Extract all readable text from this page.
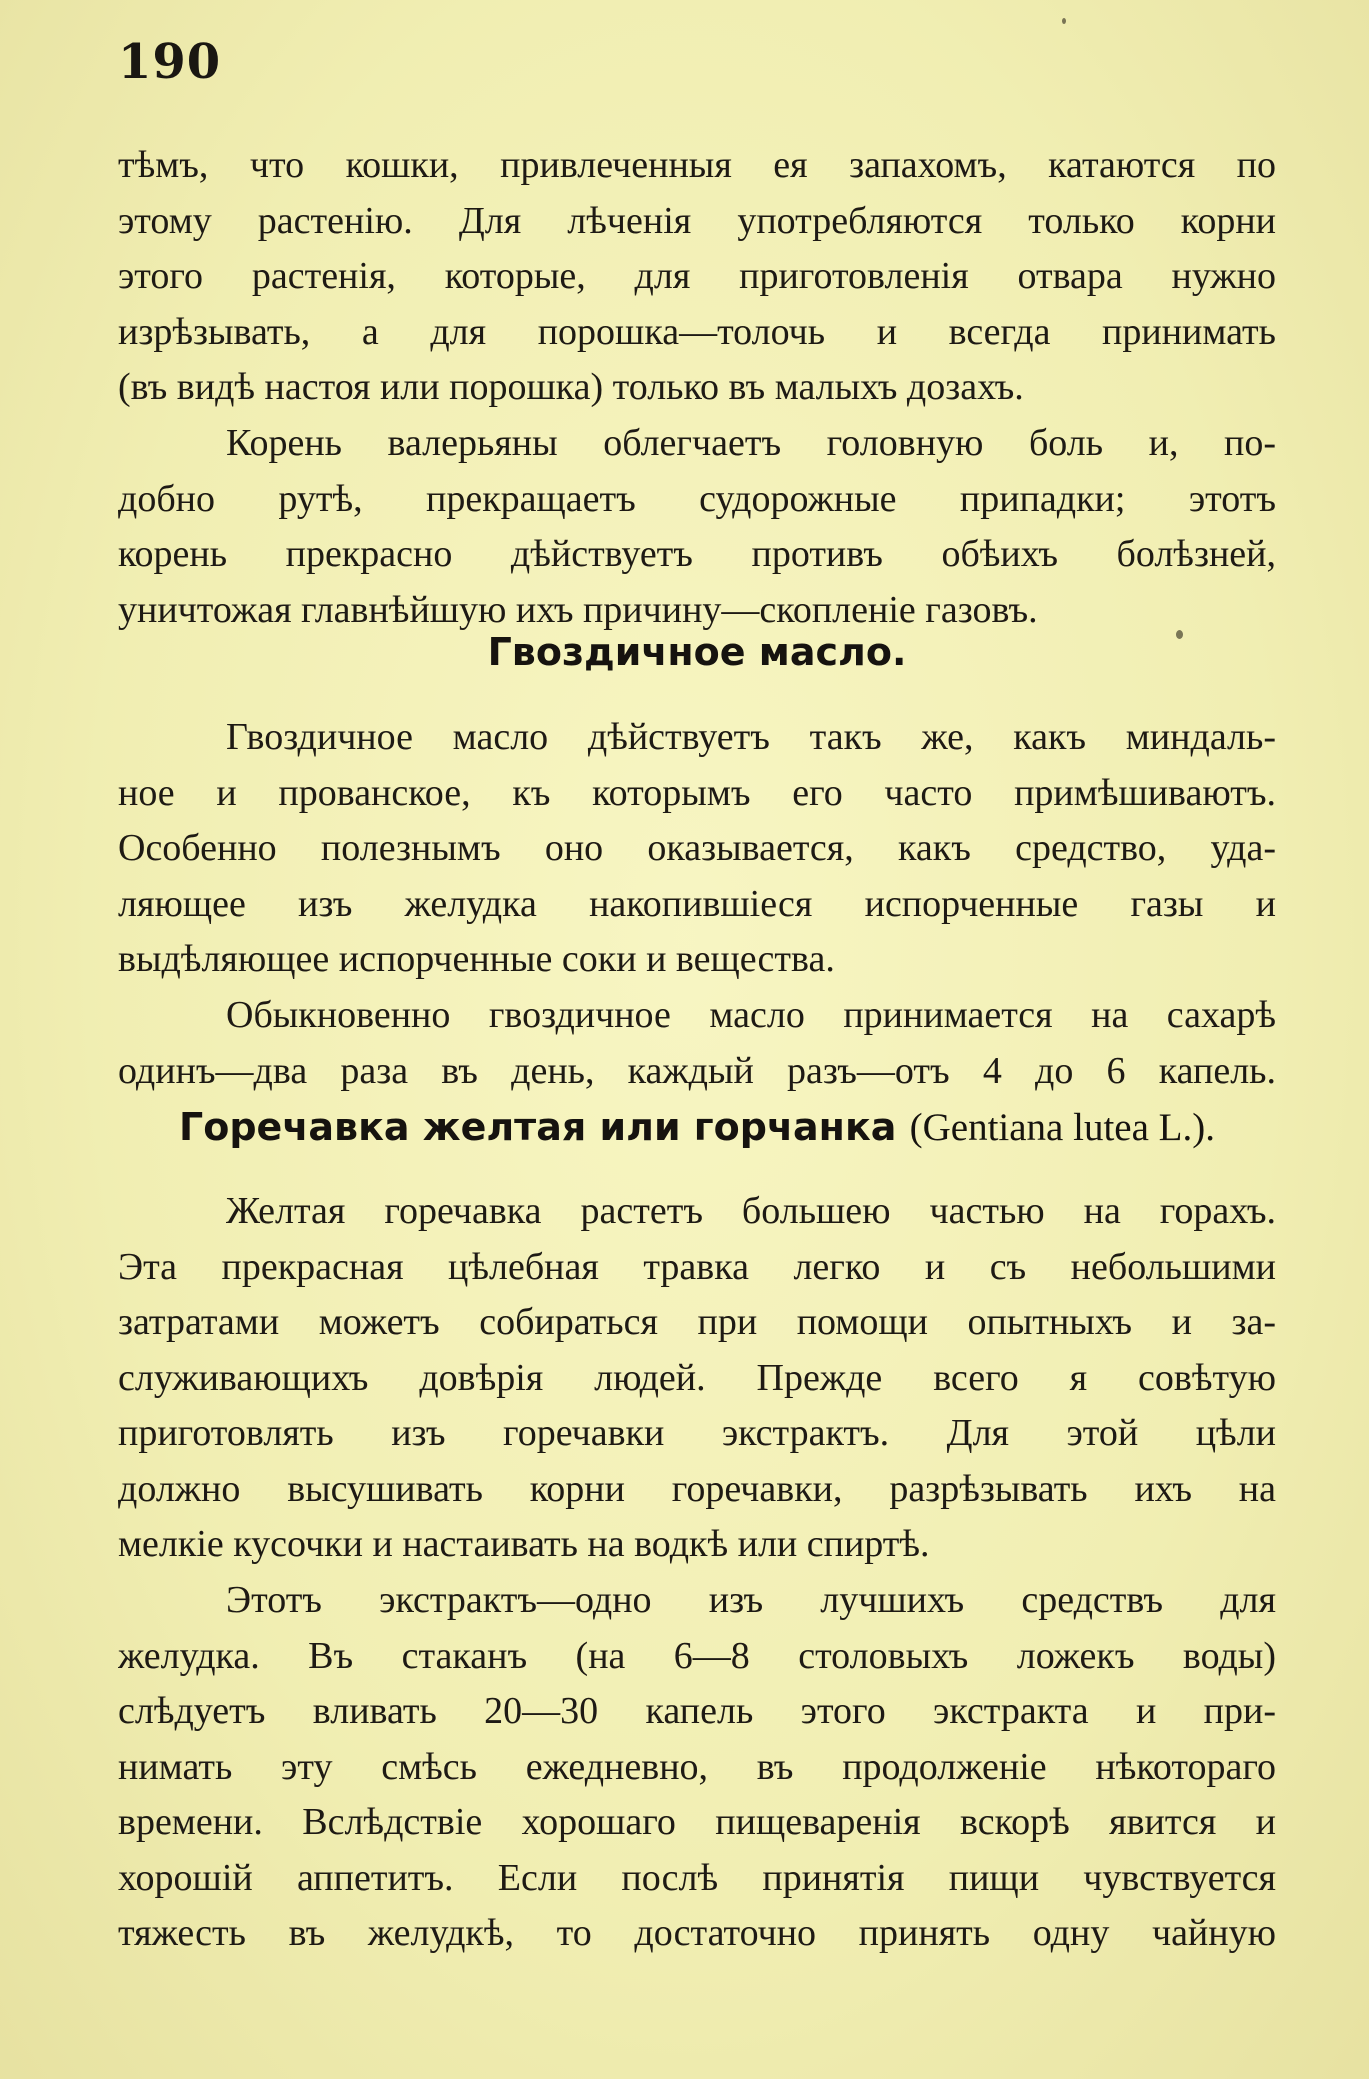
190

тѣмъ, что кошки, привлеченныя ея запахомъ, катаются по
этому растенію. Для лѣченія употребляются только корни
этого растенія, которые, для приготовленія отвара нужно
изрѣзывать, а для порошка—толочь и всегда принимать
(въ видѣ настоя или порошка) только въ малыхъ дозахъ.

Корень валерьяны облегчаетъ головную боль и, по-
добно рутѣ, прекращаетъ судорожные припадки; этотъ
корень прекрасно дѣйствуетъ противъ обѣихъ болѣзней,
уничтожая главнѣйшую ихъ причину—скопленіе газовъ.

Гвоздичное масло.

Гвоздичное масло дѣйствуетъ такъ же, какъ миндаль-
ное и прованское, къ которымъ его часто примѣшиваютъ.
Особенно полезнымъ оно оказывается, какъ средство, уда-
ляющее изъ желудка накопившіеся испорченные газы и
выдѣляющее испорченные соки и вещества.

Обыкновенно гвоздичное масло принимается на сахарѣ
одинъ—два раза въ день, каждый разъ—отъ 4 до 6 капель.

Горечавка желтая или горчанка (Gentiana lutea L.).

Желтая горечавка растетъ большею частью на горахъ.
Эта прекрасная цѣлебная травка легко и съ небольшими
затратами можетъ собираться при помощи опытныхъ и за-
служивающихъ довѣрія людей. Прежде всего я совѣтую
приготовлять изъ горечавки экстрактъ. Для этой цѣли
должно высушивать корни горечавки, разрѣзывать ихъ на
мелкіе кусочки и настаивать на водкѣ или спиртѣ.

Этотъ экстрактъ—одно изъ лучшихъ средствъ для
желудка. Въ стаканъ (на 6—8 столовыхъ ложекъ воды)
слѣдуетъ вливать 20—30 капель этого экстракта и при-
нимать эту смѣсь ежедневно, въ продолженіе нѣкотораго
времени. Вслѣдствіе хорошаго пищеваренія вскорѣ явится и
хорошій аппетитъ. Если послѣ принятія пищи чувствуется
тяжесть въ желудкѣ, то достаточно принять одну чайную
